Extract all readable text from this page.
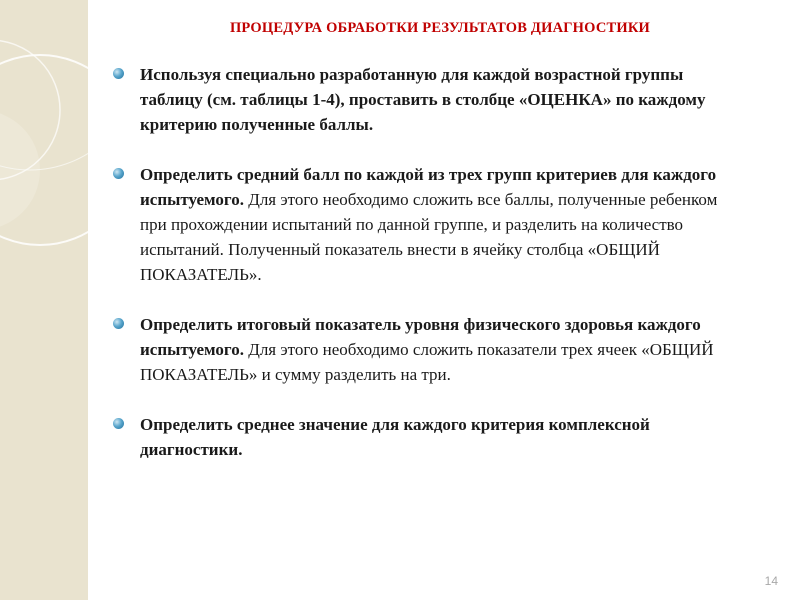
ПРОЦЕДУРА ОБРАБОТКИ РЕЗУЛЬТАТОВ ДИАГНОСТИКИ
Используя специально разработанную для каждой возрастной группы таблицу (см. таблицы 1-4), проставить в столбце «ОЦЕНКА» по каждому критерию полученные баллы.
Определить средний балл по каждой из трех групп критериев для каждого испытуемого. Для этого необходимо сложить все баллы, полученные ребенком при прохождении испытаний по данной группе, и разделить на количество испытаний. Полученный показатель внести в ячейку столбца «ОБЩИЙ ПОКАЗАТЕЛЬ».
Определить итоговый показатель уровня физического здоровья каждого испытуемого. Для этого необходимо сложить показатели трех ячеек «ОБЩИЙ ПОКАЗАТЕЛЬ» и сумму разделить на три.
Определить среднее значение для каждого критерия комплексной диагностики.
14
